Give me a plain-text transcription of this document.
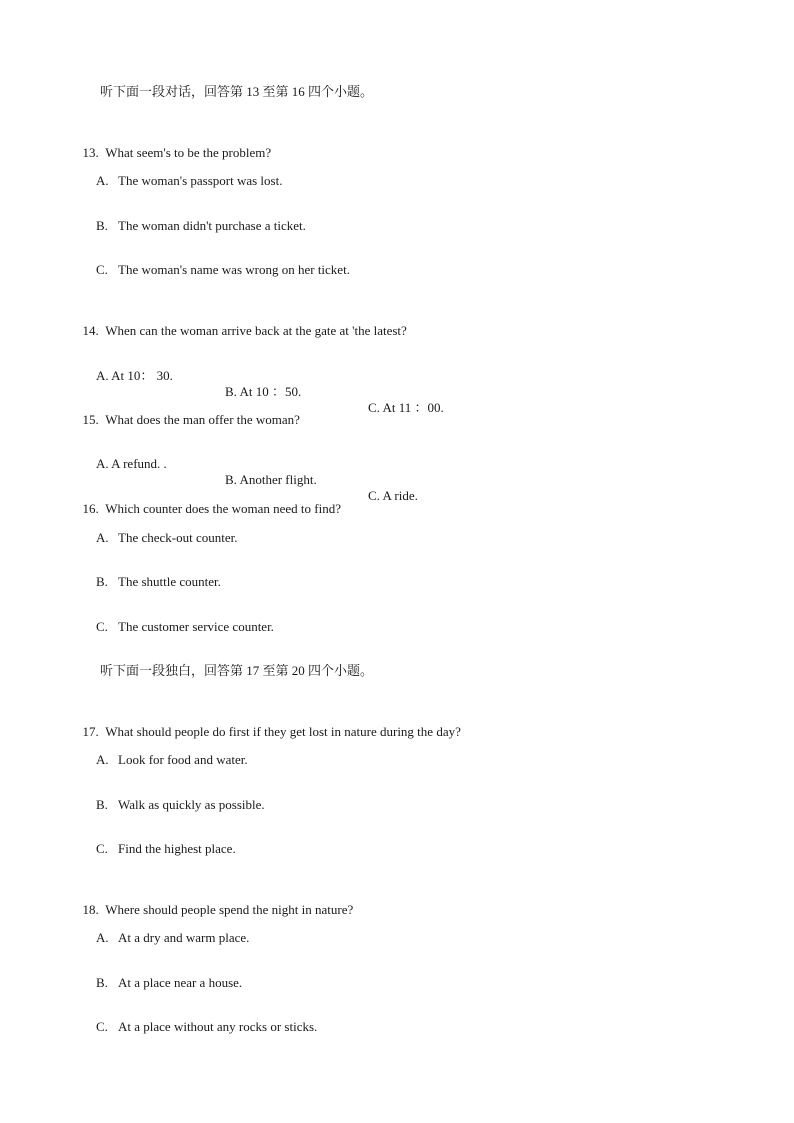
听下面一段对话，回答第 13 至第 16 四个小题。

13. What seem's to be the problem?

A. The woman's passport was lost.
B. The woman didn't purchase a ticket.
C. The woman's name was wrong on her ticket.

14. When can the woman arrive back at the gate at 'the latest?

A. At 10： 30.

B. At 10 ：50.

C. At 11 ：00.

15. What does the man offer the woman?

A. A refund. .

B. Another flight.

C. A ride.

16. Which counter does the woman need to find?

A. The check-out counter.
B. The shuttle counter.
C. The customer service counter.
听下面一段独白，回答第 17 至第 20 四个小题。

17. What should people do first if they get lost in nature during the day?

A. Look for food and water.
B. Walk as quickly as possible.
C. Find the highest place.

18. Where should people spend the night in nature?

A. At a dry and warm place.
B. At a place near a house.
C. At a place without any rocks or sticks.
